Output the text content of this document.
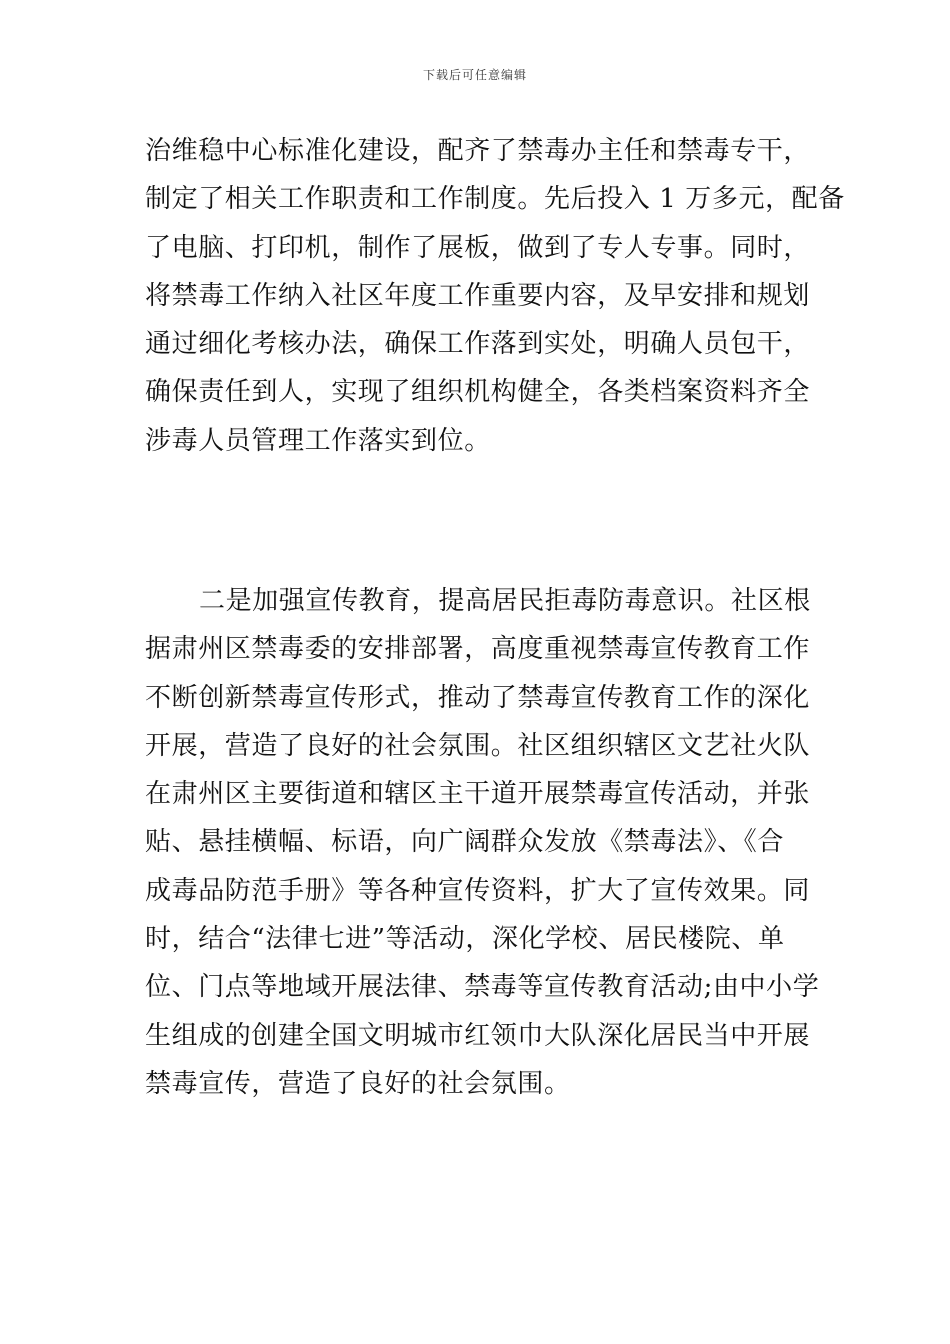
下载后可任意编辑
治维稳中心标准化建设，配齐了禁毒办主任和禁毒专干，
制定了相关工作职责和工作制度。先后投入 1 万多元，配备
了电脑、打印机，制作了展板，做到了专人专事。同时，
将禁毒工作纳入社区年度工作重要内容，及早安排和规划
通过细化考核办法，确保工作落到实处，明确人员包干，
确保责任到人，实现了组织机构健全，各类档案资料齐全
涉毒人员管理工作落实到位。
二是加强宣传教育，提高居民拒毒防毒意识。社区根
据肃州区禁毒委的安排部署，高度重视禁毒宣传教育工作
不断创新禁毒宣传形式，推动了禁毒宣传教育工作的深化
开展，营造了良好的社会氛围。社区组织辖区文艺社火队
在肃州区主要街道和辖区主干道开展禁毒宣传活动，并张
贴、悬挂横幅、标语，向广阔群众发放《禁毒法》、《合
成毒品防范手册》等各种宣传资料，扩大了宣传效果。同
时，结合“法律七进”等活动，深化学校、居民楼院、单
位、门点等地域开展法律、禁毒等宣传教育活动;由中小学
生组成的创建全国文明城市红领巾大队深化居民当中开展
禁毒宣传，营造了良好的社会氛围。
